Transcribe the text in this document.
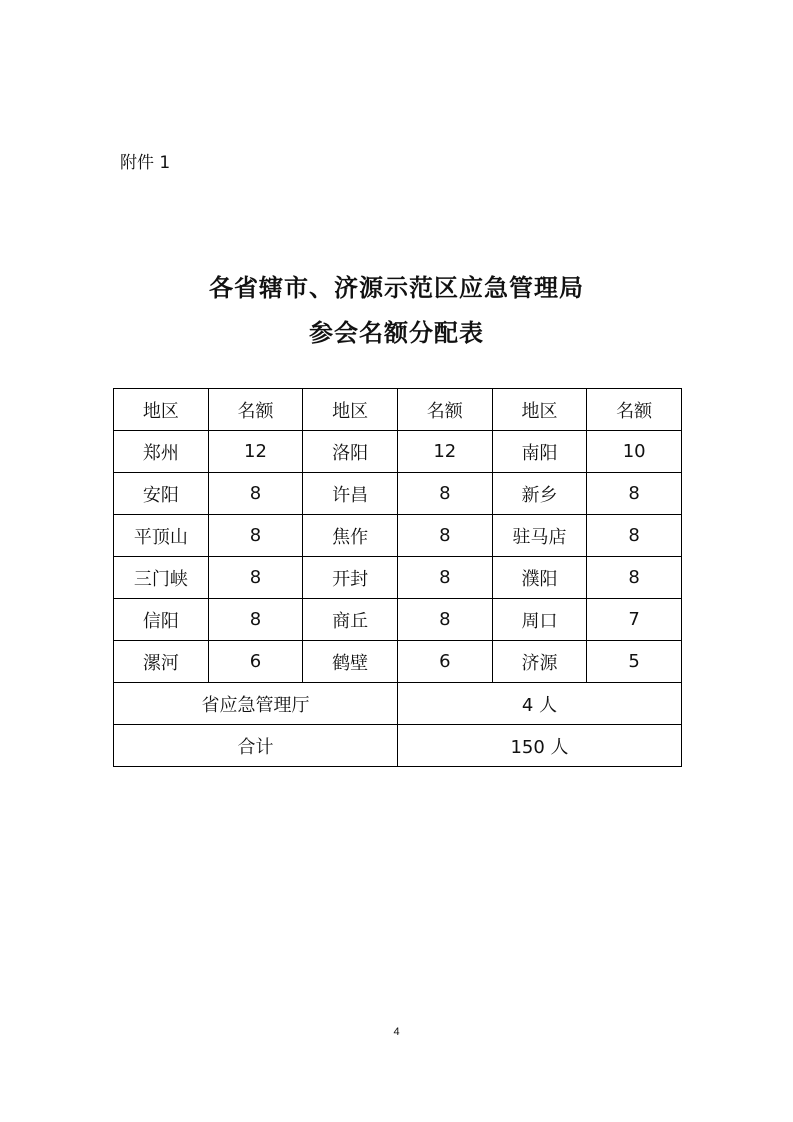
附件 1
各省辖市、济源示范区应急管理局
参会名额分配表
地区	名额	地区	名额	地区	名额
郑州	12	洛阳	12	南阳	10
安阳	8	许昌	8	新乡	8
平顶山	8	焦作	8	驻马店	8
三门峡	8	开封	8	濮阳	8
信阳	8	商丘	8	周口	7
漯河	6	鹤壁	6	济源	5
省应急管理厅			4 人		
合计			150 人		
4
